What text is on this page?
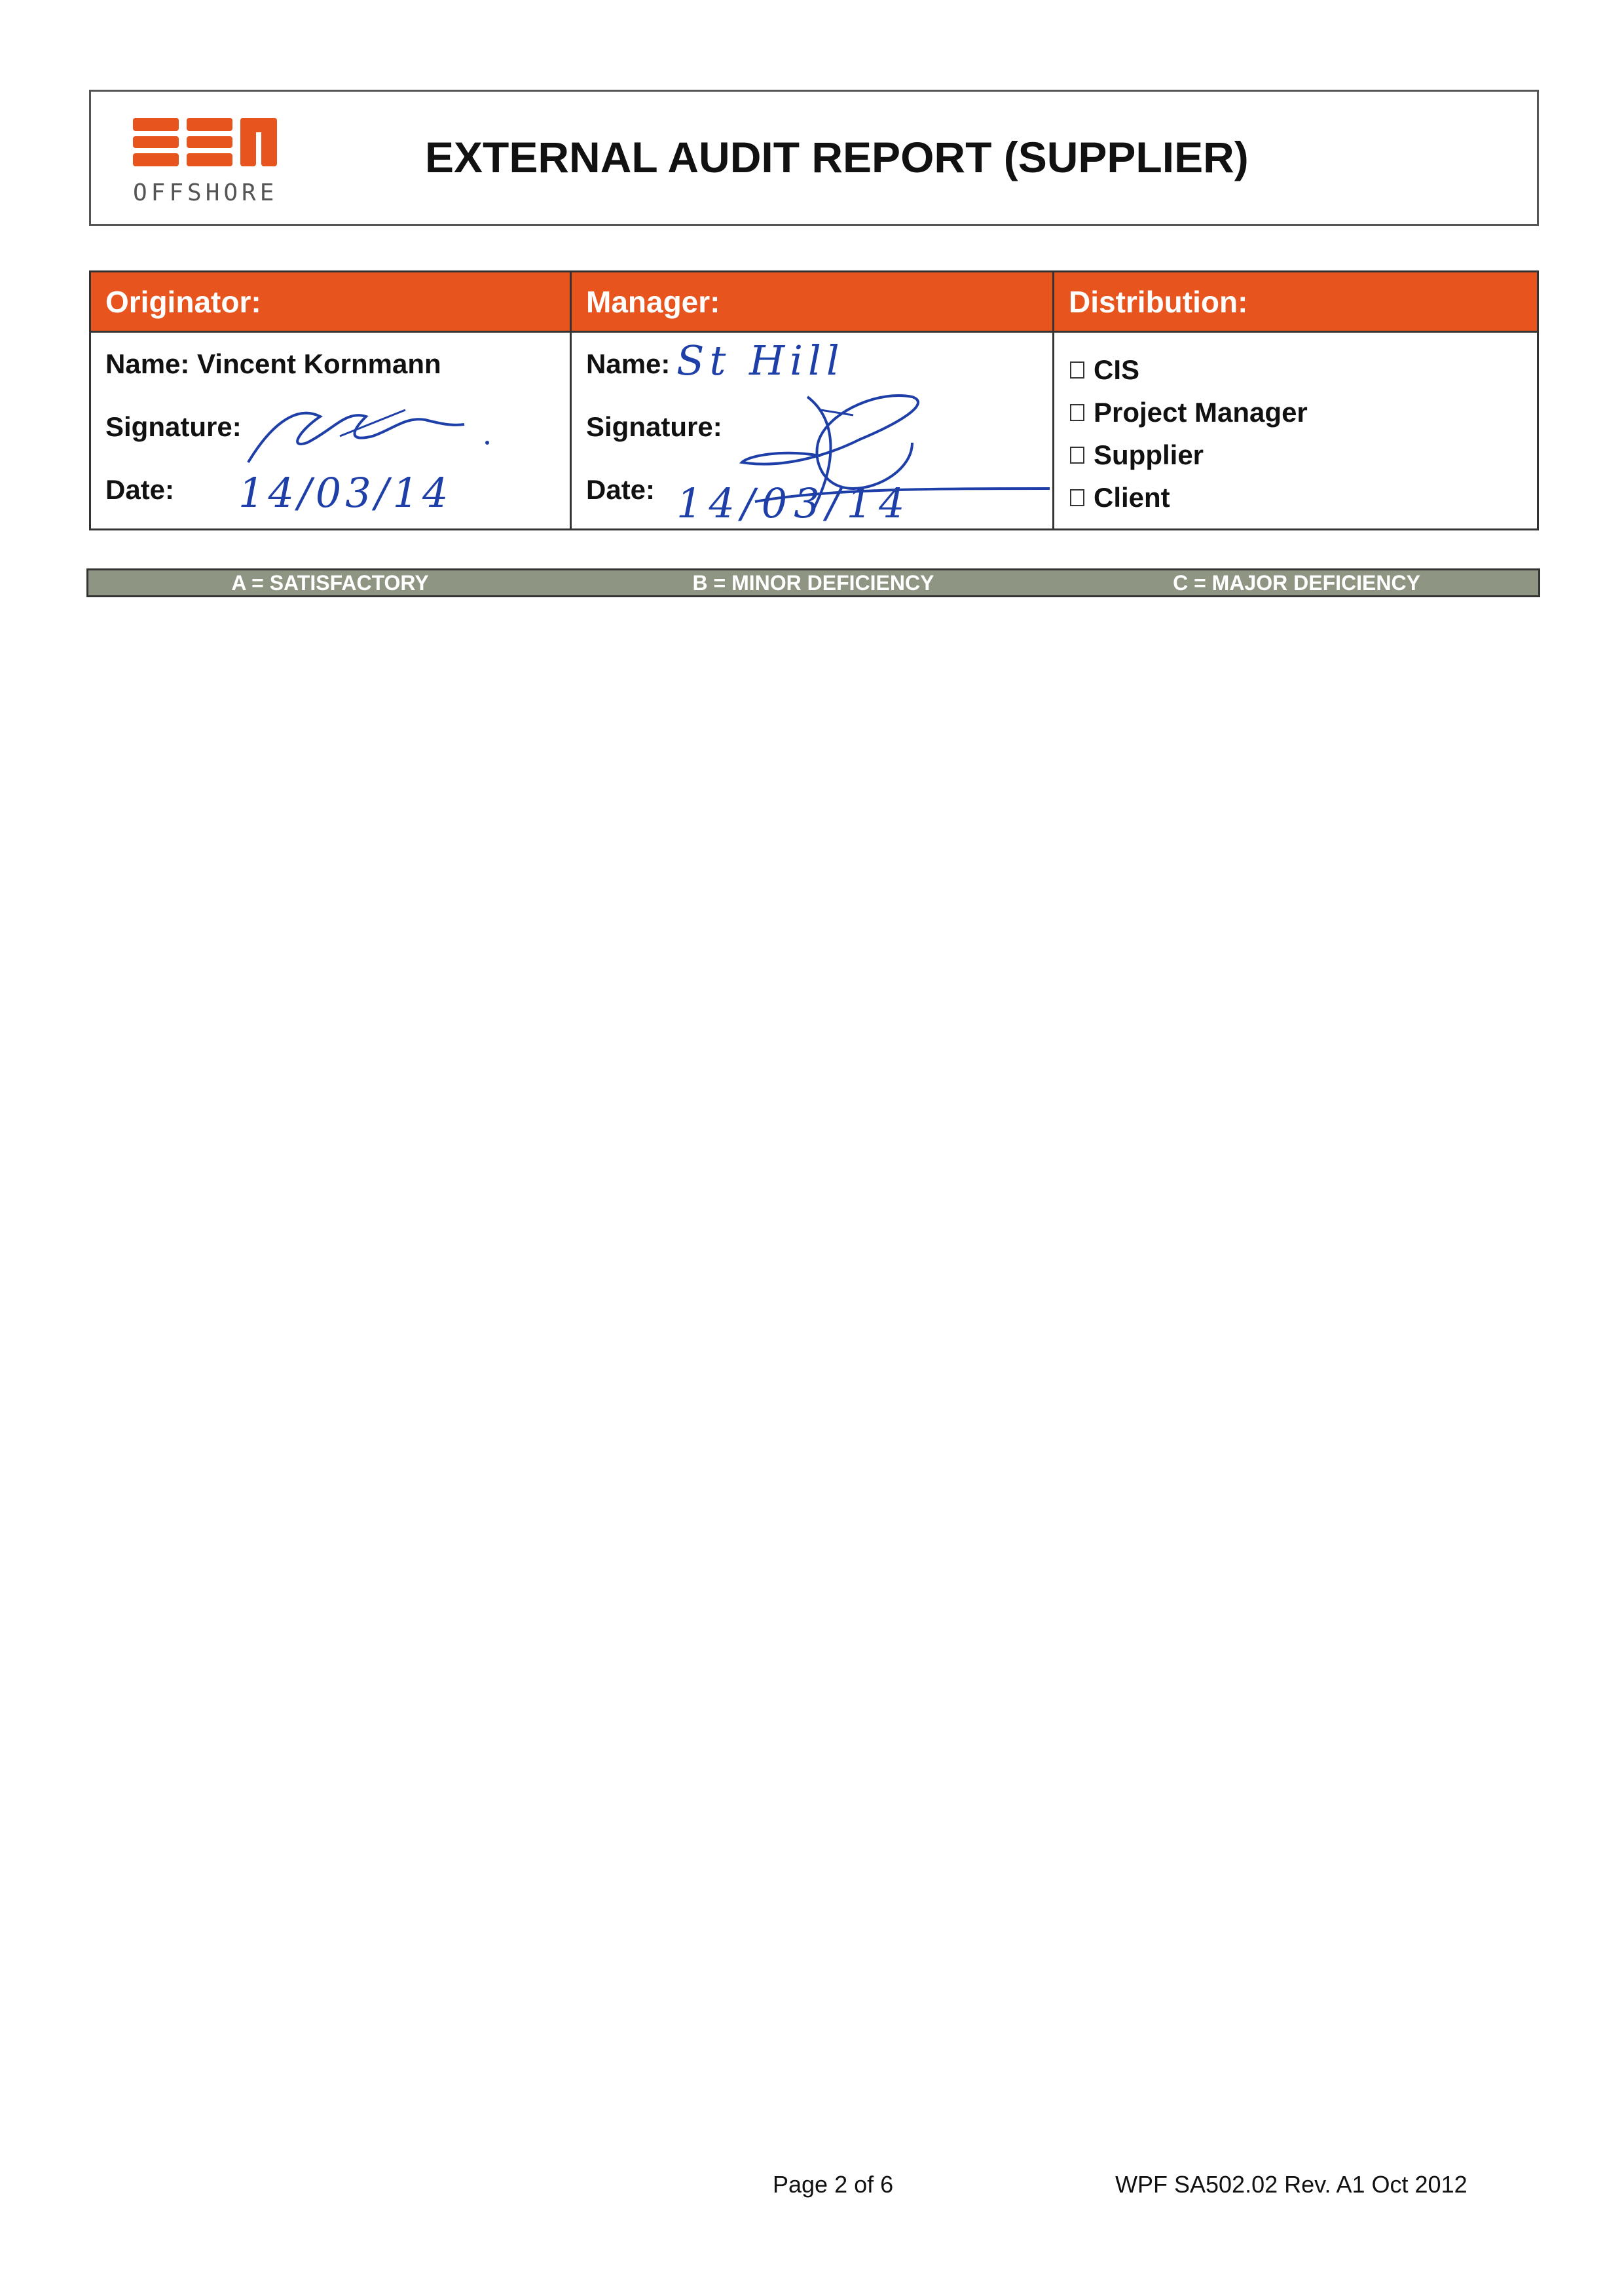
OFFSHORE
EXTERNAL AUDIT REPORT (SUPPLIER)
Originator:
Name: Vincent Kornmann
Signature:
Date: 14/03/14
Manager:
Name: St Hill
Signature:
Date: 14/03/14
Distribution:
CIS
Project Manager
Supplier
Client
A = SATISFACTORY	B = MINOR DEFICIENCY	C = MAJOR DEFICIENCY
Page 2 of 6	WPF SA502.02 Rev. A1 Oct 2012
